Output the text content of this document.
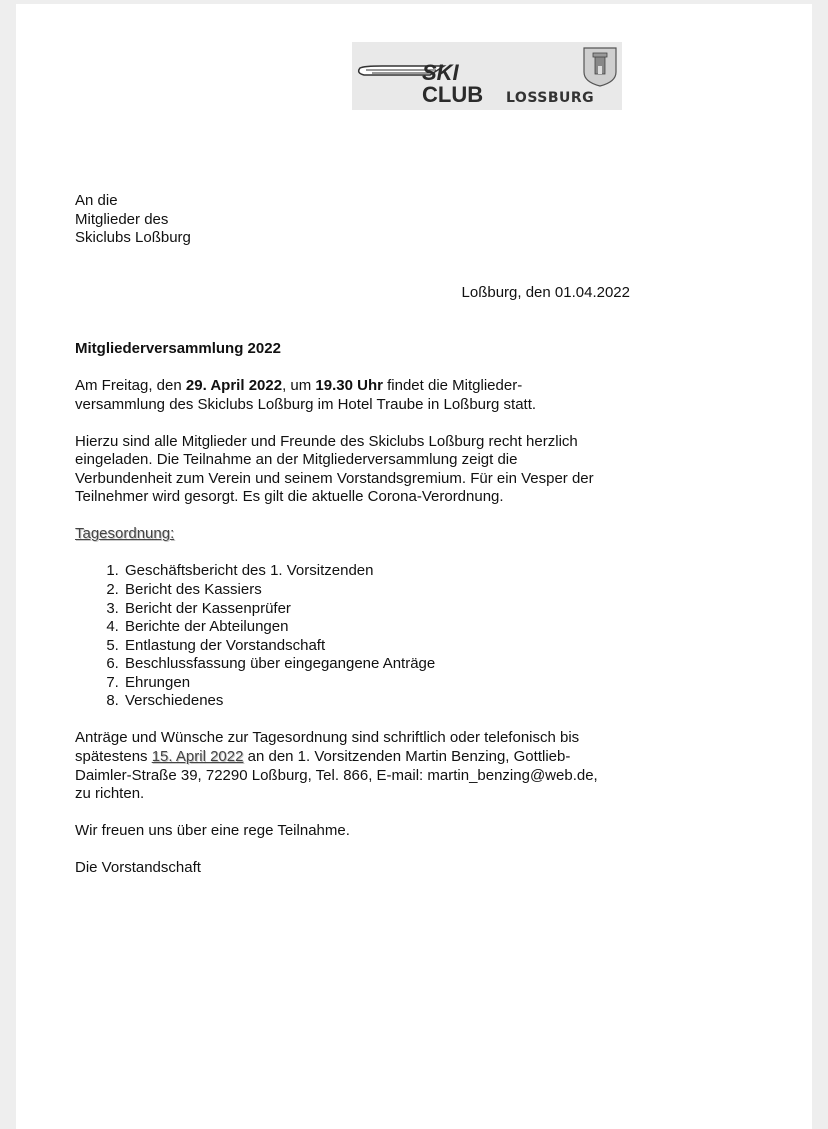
SKI
CLUB LOSSBURG
An die
Mitglieder des
Skiclubs Loßburg
Loßburg, den 01.04.2022

Mitgliederversammlung 2022

Am Freitag, den 29. April 2022, um 19.30 Uhr findet die Mitglieder-
versammlung des Skiclubs Loßburg im Hotel Traube in Loßburg statt.

Hierzu sind alle Mitglieder und Freunde des Skiclubs Loßburg recht herzlich
eingeladen. Die Teilnahme an der Mitgliederversammlung zeigt die
Verbundenheit zum Verein und seinem Vorstandsgremium. Für ein Vesper der
Teilnehmer wird gesorgt. Es gilt die aktuelle Corona-Verordnung.

Tagesordnung:

1. Geschäftsbericht des 1. Vorsitzenden
2. Bericht des Kassiers
3. Bericht der Kassenprüfer
4. Berichte der Abteilungen
5. Entlastung der Vorstandschaft
6. Beschlussfassung über eingegangene Anträge
7. Ehrungen
8. Verschiedenes

Anträge und Wünsche zur Tagesordnung sind schriftlich oder telefonisch bis
spätestens 15. April 2022 an den 1. Vorsitzenden Martin Benzing, Gottlieb-
Daimler-Straße 39, 72290 Loßburg, Tel. 866, E-mail: martin_benzing@web.de,
zu richten.

Wir freuen uns über eine rege Teilnahme.

Die Vorstandschaft
